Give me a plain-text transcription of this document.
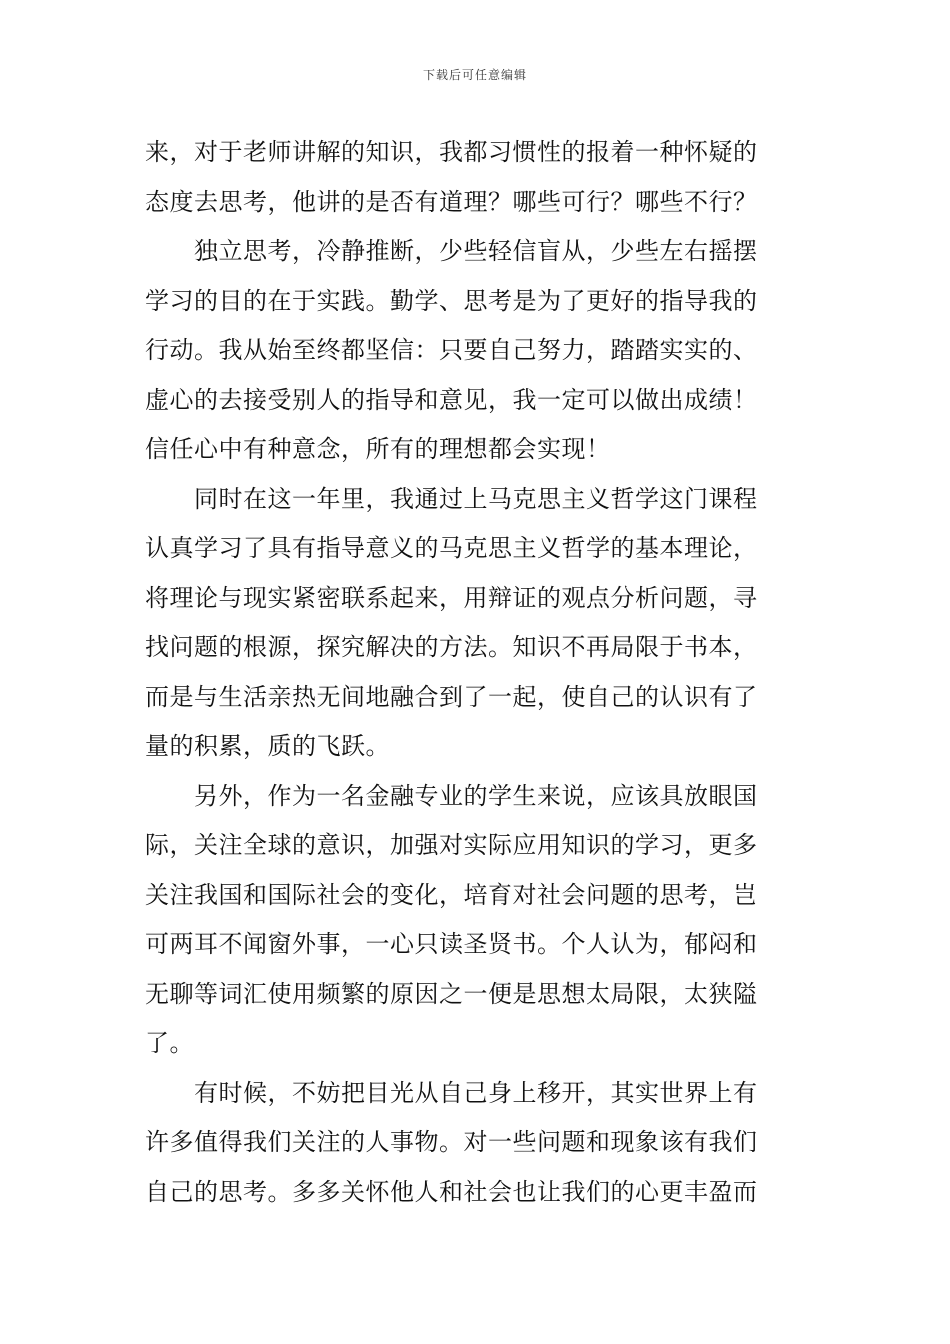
下载后可任意编辑
来，对于老师讲解的知识，我都习惯性的报着一种怀疑的
态度去思考，他讲的是否有道理？哪些可行？哪些不行？
　　独立思考，冷静推断，少些轻信盲从，少些左右摇摆
学习的目的在于实践。勤学、思考是为了更好的指导我的
行动。我从始至终都坚信：只要自己努力，踏踏实实的、
虚心的去接受别人的指导和意见，我一定可以做出成绩！
信任心中有种意念，所有的理想都会实现！
　　同时在这一年里，我通过上马克思主义哲学这门课程
认真学习了具有指导意义的马克思主义哲学的基本理论，
将理论与现实紧密联系起来，用辩证的观点分析问题，寻
找问题的根源，探究解决的方法。知识不再局限于书本，
而是与生活亲热无间地融合到了一起，使自己的认识有了
量的积累，质的飞跃。
　　另外，作为一名金融专业的学生来说，应该具放眼国
际，关注全球的意识，加强对实际应用知识的学习，更多
关注我国和国际社会的变化，培育对社会问题的思考，岂
可两耳不闻窗外事，一心只读圣贤书。个人认为，郁闷和
无聊等词汇使用频繁的原因之一便是思想太局限，太狭隘
了。
　　有时候，不妨把目光从自己身上移开，其实世界上有
许多值得我们关注的人事物。对一些问题和现象该有我们
自己的思考。多多关怀他人和社会也让我们的心更丰盈而
